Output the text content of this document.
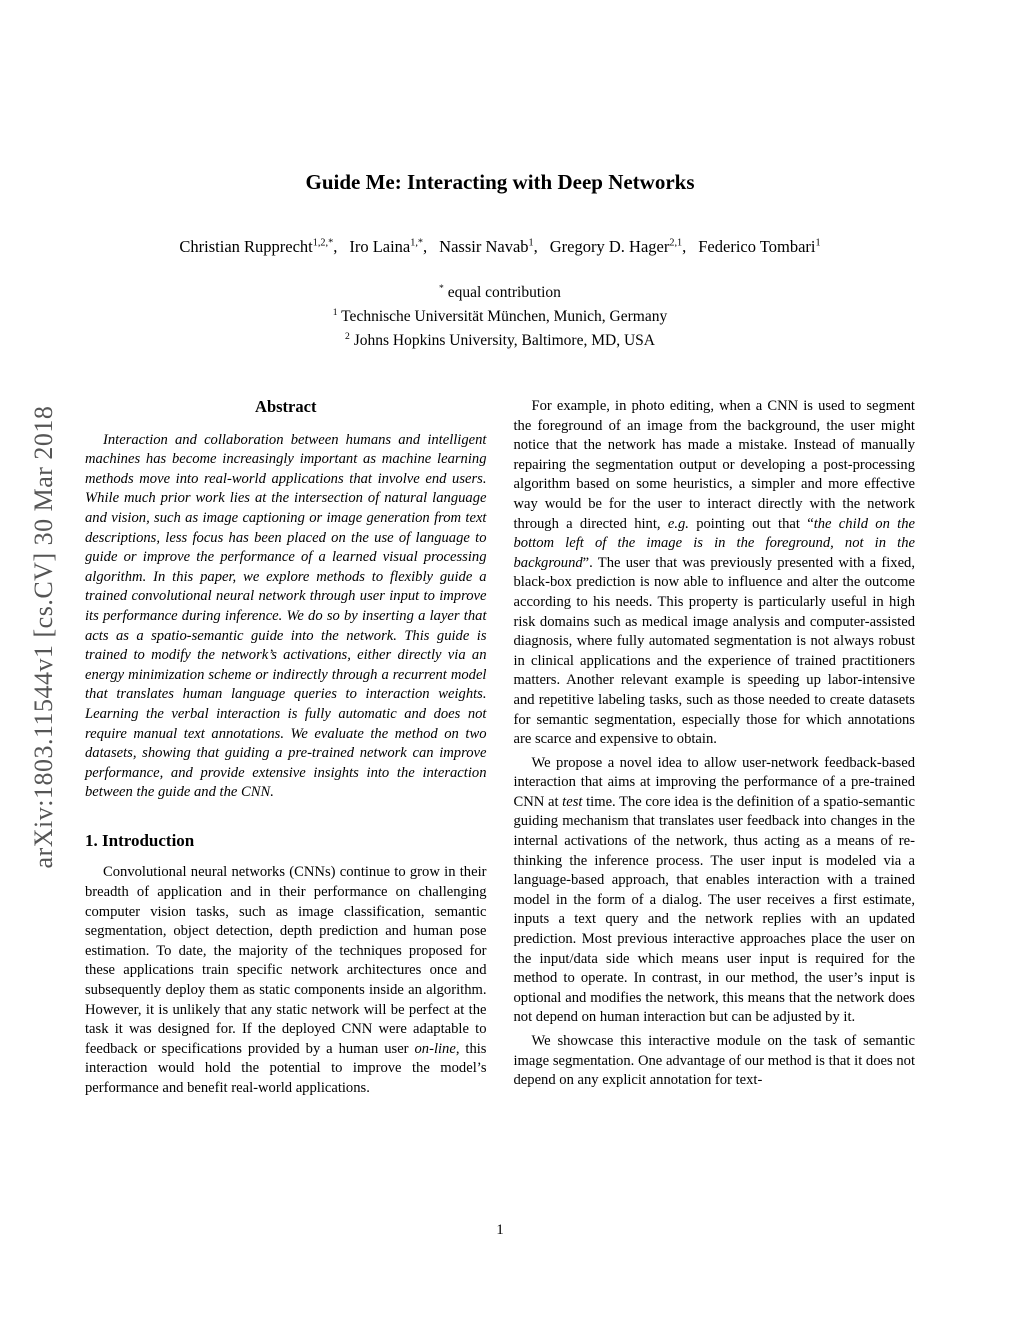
arXiv:1803.11544v1 [cs.CV] 30 Mar 2018
Guide Me: Interacting with Deep Networks
Christian Rupprecht$^{1,2,*}$, Iro Laina$^{1,*}$, Nassir Navab$^1$, Gregory D. Hager$^{2,1}$, Federico Tombari$^1$
* equal contribution
$^1$ Technische Universität München, Munich, Germany
$^2$ Johns Hopkins University, Baltimore, MD, USA
Abstract

Interaction and collaboration between humans and intelligent machines has become increasingly important as machine learning methods move into real-world applications that involve end users. While much prior work lies at the intersection of natural language and vision, such as image captioning or image generation from text descriptions, less focus has been placed on the use of language to guide or improve the performance of a learned visual processing algorithm. In this paper, we explore methods to flexibly guide a trained convolutional neural network through user input to improve its performance during inference. We do so by inserting a layer that acts as a spatio-semantic guide into the network. This guide is trained to modify the network’s activations, either directly via an energy minimization scheme or indirectly through a recurrent model that translates human language queries to interaction weights. Learning the verbal interaction is fully automatic and does not require manual text annotations. We evaluate the method on two datasets, showing that guiding a pre-trained network can improve performance, and provide extensive insights into the interaction between the guide and the CNN.

1. Introduction

Convolutional neural networks (CNNs) continue to grow in their breadth of application and in their performance on challenging computer vision tasks, such as image classification, semantic segmentation, object detection, depth prediction and human pose estimation. To date, the majority of the techniques proposed for these applications train specific network architectures once and subsequently deploy them as static components inside an algorithm. However, it is unlikely that any static network will be perfect at the task it was designed for. If the deployed CNN were adaptable to feedback or specifications provided by a human user on-line, this interaction would hold the potential to improve the model’s performance and benefit real-world applications.

For example, in photo editing, when a CNN is used to segment the foreground of an image from the background, the user might notice that the network has made a mistake. Instead of manually repairing the segmentation output or developing a post-processing algorithm based on some heuristics, a simpler and more effective way would be for the user to interact directly with the network through a directed hint, e.g. pointing out that “the child on the bottom left of the image is in the foreground, not in the background”. The user that was previously presented with a fixed, black-box prediction is now able to influence and alter the outcome according to his needs. This property is particularly useful in high risk domains such as medical image analysis and computer-assisted diagnosis, where fully automated segmentation is not always robust in clinical applications and the experience of trained practitioners matters. Another relevant example is speeding up labor-intensive and repetitive labeling tasks, such as those needed to create datasets for semantic segmentation, especially those for which annotations are scarce and expensive to obtain.

We propose a novel idea to allow user-network feedback-based interaction that aims at improving the performance of a pre-trained CNN at test time. The core idea is the definition of a spatio-semantic guiding mechanism that translates user feedback into changes in the internal activations of the network, thus acting as a means of re-thinking the inference process. The user input is modeled via a language-based approach, that enables interaction with a trained model in the form of a dialog. The user receives a first estimate, inputs a text query and the network replies with an updated prediction. Most previous interactive approaches place the user on the input/data side which means user input is required for the method to operate. In contrast, in our method, the user’s input is optional and modifies the network, this means that the network does not depend on human interaction but can be adjusted by it.

We showcase this interactive module on the task of semantic image segmentation. One advantage of our method is that it does not depend on any explicit annotation for text-

1
